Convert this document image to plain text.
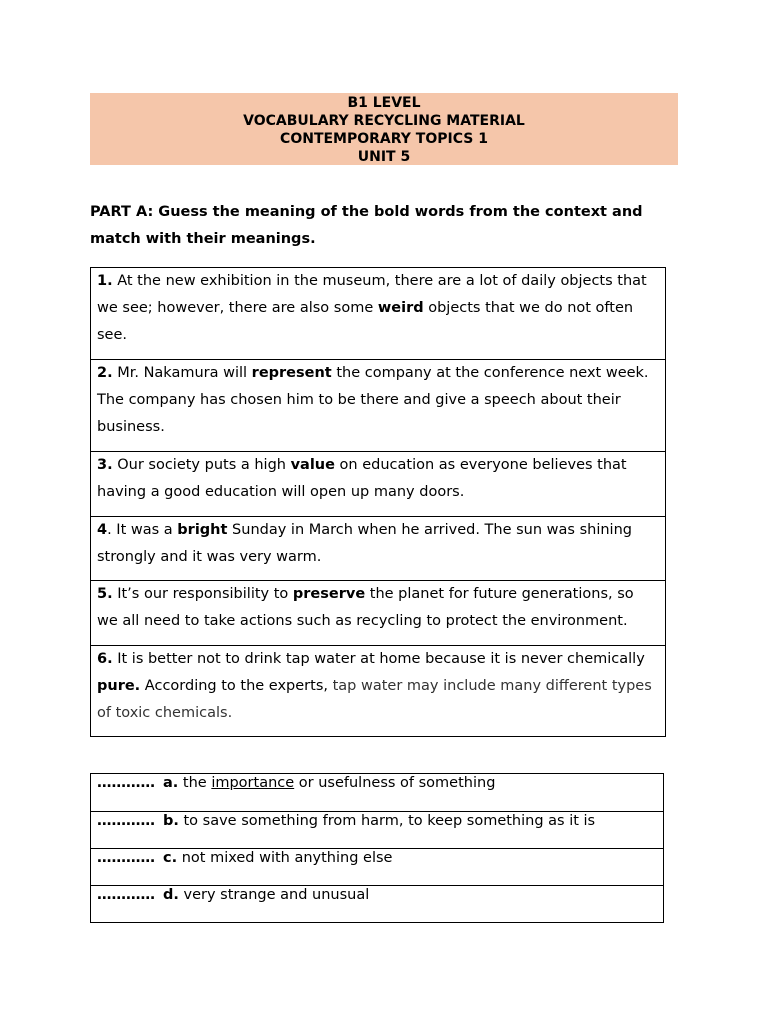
B1 LEVEL
VOCABULARY RECYCLING MATERIAL
CONTEMPORARY TOPICS 1
UNIT 5
PART A: Guess the meaning of the bold words from the context and match with their meanings.
1. At the new exhibition in the museum, there are a lot of daily objects that we see; however, there are also some weird objects that we do not often see.
2. Mr. Nakamura will represent the company at the conference next week. The company has chosen him to be there and give a speech about their business.
3. Our society puts a high value on education as everyone believes that having a good education will open up many doors.
4. It was a bright Sunday in March when he arrived. The sun was shining strongly and it was very warm.
5. It’s our responsibility to preserve the planet for future generations, so we all need to take actions such as recycling to protect the environment.
6. It is better not to drink tap water at home because it is never chemically pure. According to the experts, tap water may include many different types of toxic chemicals.
………… a. the importance or usefulness of something
………… b. to save something from harm, to keep something as it is
………… c. not mixed with anything else
………… d. very strange and unusual
